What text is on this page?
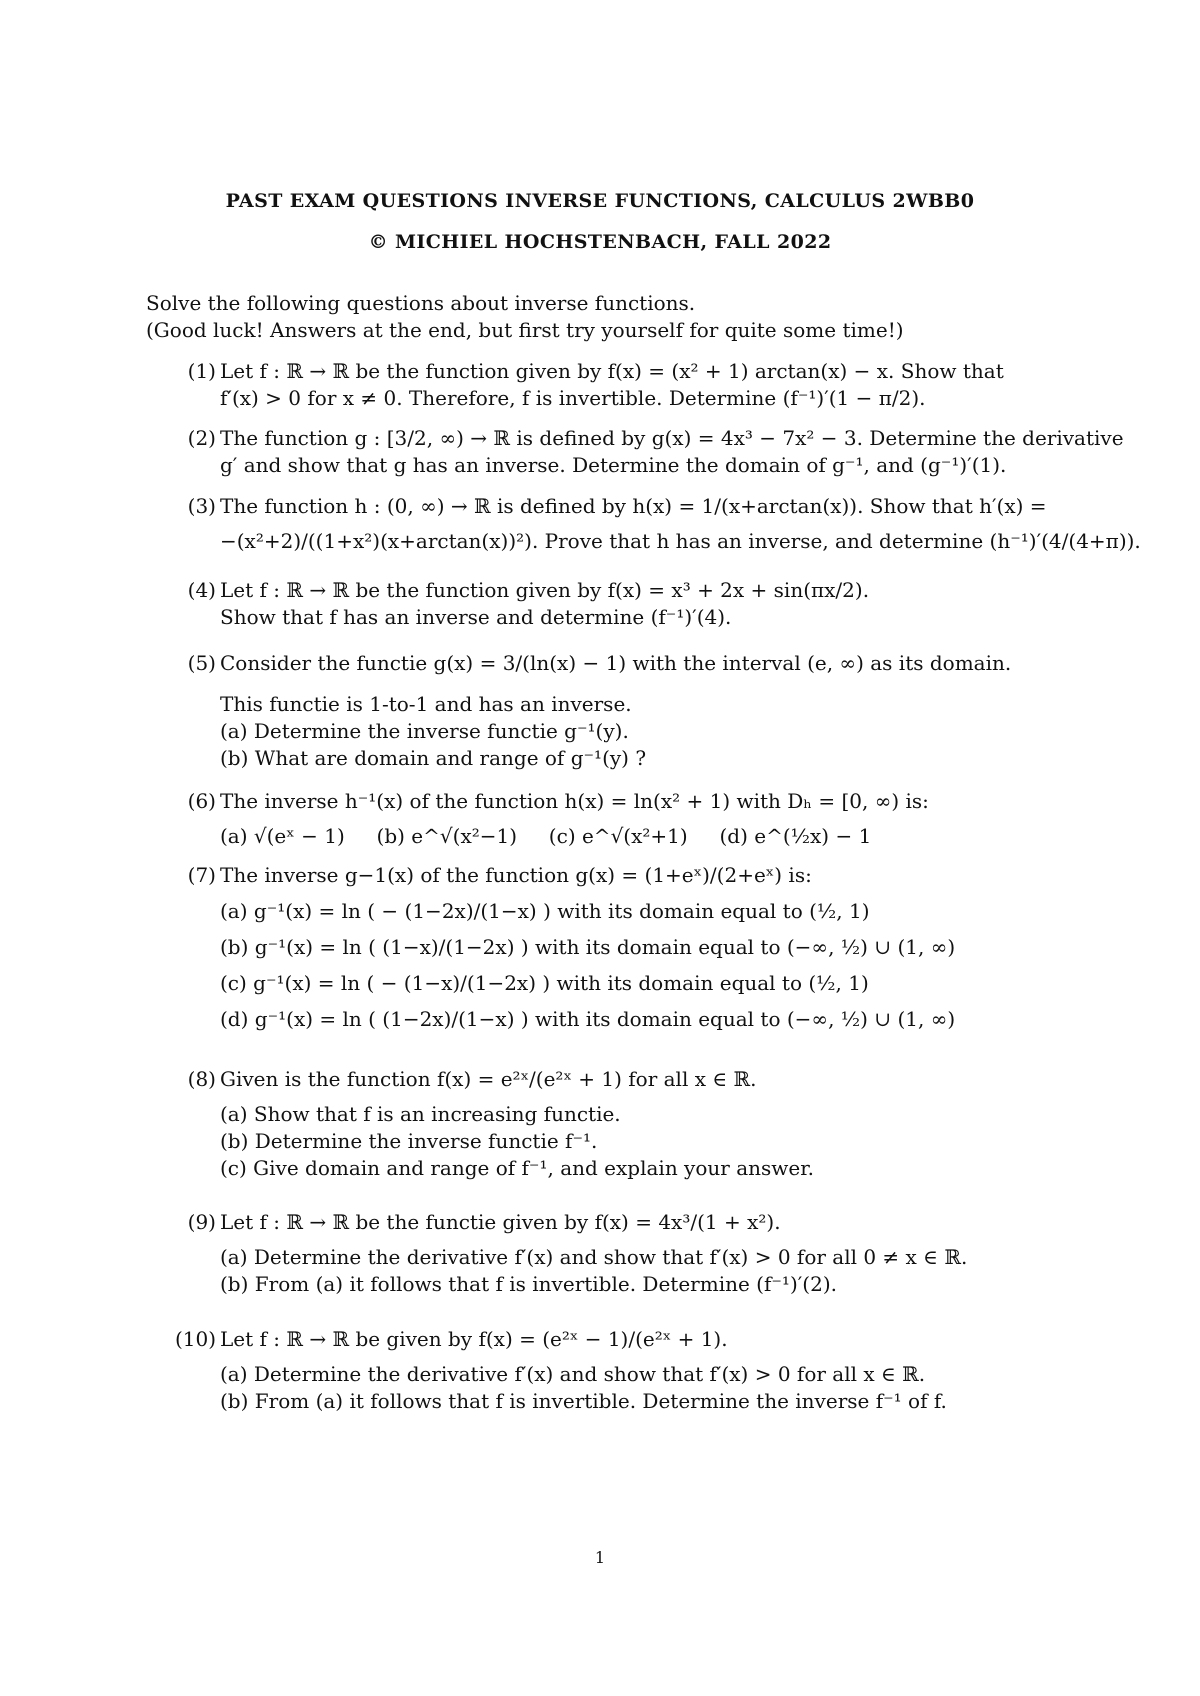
PAST EXAM QUESTIONS INVERSE FUNCTIONS, CALCULUS 2WBB0
© MICHIEL HOCHSTENBACH, FALL 2022
Solve the following questions about inverse functions.
(Good luck! Answers at the end, but first try yourself for quite some time!)
(1) Let f : ℝ → ℝ be the function given by f(x) = (x² + 1) arctan(x) − x. Show that
f′(x) > 0 for x ≠ 0. Therefore, f is invertible. Determine (f⁻¹)′(1 − π/2).
(2) The function g : [3/2, ∞) → ℝ is defined by g(x) = 4x³ − 7x² − 3. Determine the derivative
g′ and show that g has an inverse. Determine the domain of g⁻¹, and (g⁻¹)′(1).
(3) The function h : (0, ∞) → ℝ is defined by h(x) = 1/(x+arctan(x)). Show that h′(x) =
−(x²+2)/((1+x²)(x+arctan(x))²). Prove that h has an inverse, and determine (h⁻¹)′(4/(4+π)).
(4) Let f : ℝ → ℝ be the function given by f(x) = x³ + 2x + sin(πx/2).
Show that f has an inverse and determine (f⁻¹)′(4).
(5) Consider the functie g(x) = 3/(ln(x) − 1) with the interval (e, ∞) as its domain.
This functie is 1-to-1 and has an inverse.
(a) Determine the inverse functie g⁻¹(y).
(b) What are domain and range of g⁻¹(y) ?
(6) The inverse h⁻¹(x) of the function h(x) = ln(x² + 1) with Dₕ = [0, ∞) is:
(a) √(eˣ − 1)     (b) e^√(x²−1)     (c) e^√(x²+1)     (d) e^(½x) − 1
(7) The inverse g−1(x) of the function g(x) = (1+eˣ)/(2+eˣ) is:
(a) g⁻¹(x) = ln ( − (1−2x)/(1−x) ) with its domain equal to (½, 1)
(b) g⁻¹(x) = ln ( (1−x)/(1−2x) ) with its domain equal to (−∞, ½) ∪ (1, ∞)
(c) g⁻¹(x) = ln ( − (1−x)/(1−2x) ) with its domain equal to (½, 1)
(d) g⁻¹(x) = ln ( (1−2x)/(1−x) ) with its domain equal to (−∞, ½) ∪ (1, ∞)
(8) Given is the function f(x) = e²ˣ/(e²ˣ + 1) for all x ∈ ℝ.
(a) Show that f is an increasing functie.
(b) Determine the inverse functie f⁻¹.
(c) Give domain and range of f⁻¹, and explain your answer.
(9) Let f : ℝ → ℝ be the functie given by f(x) = 4x³/(1 + x²).
(a) Determine the derivative f′(x) and show that f′(x) > 0 for all 0 ≠ x ∈ ℝ.
(b) From (a) it follows that f is invertible. Determine (f⁻¹)′(2).
(10) Let f : ℝ → ℝ be given by f(x) = (e²ˣ − 1)/(e²ˣ + 1).
(a) Determine the derivative f′(x) and show that f′(x) > 0 for all x ∈ ℝ.
(b) From (a) it follows that f is invertible. Determine the inverse f⁻¹ of f.
1
